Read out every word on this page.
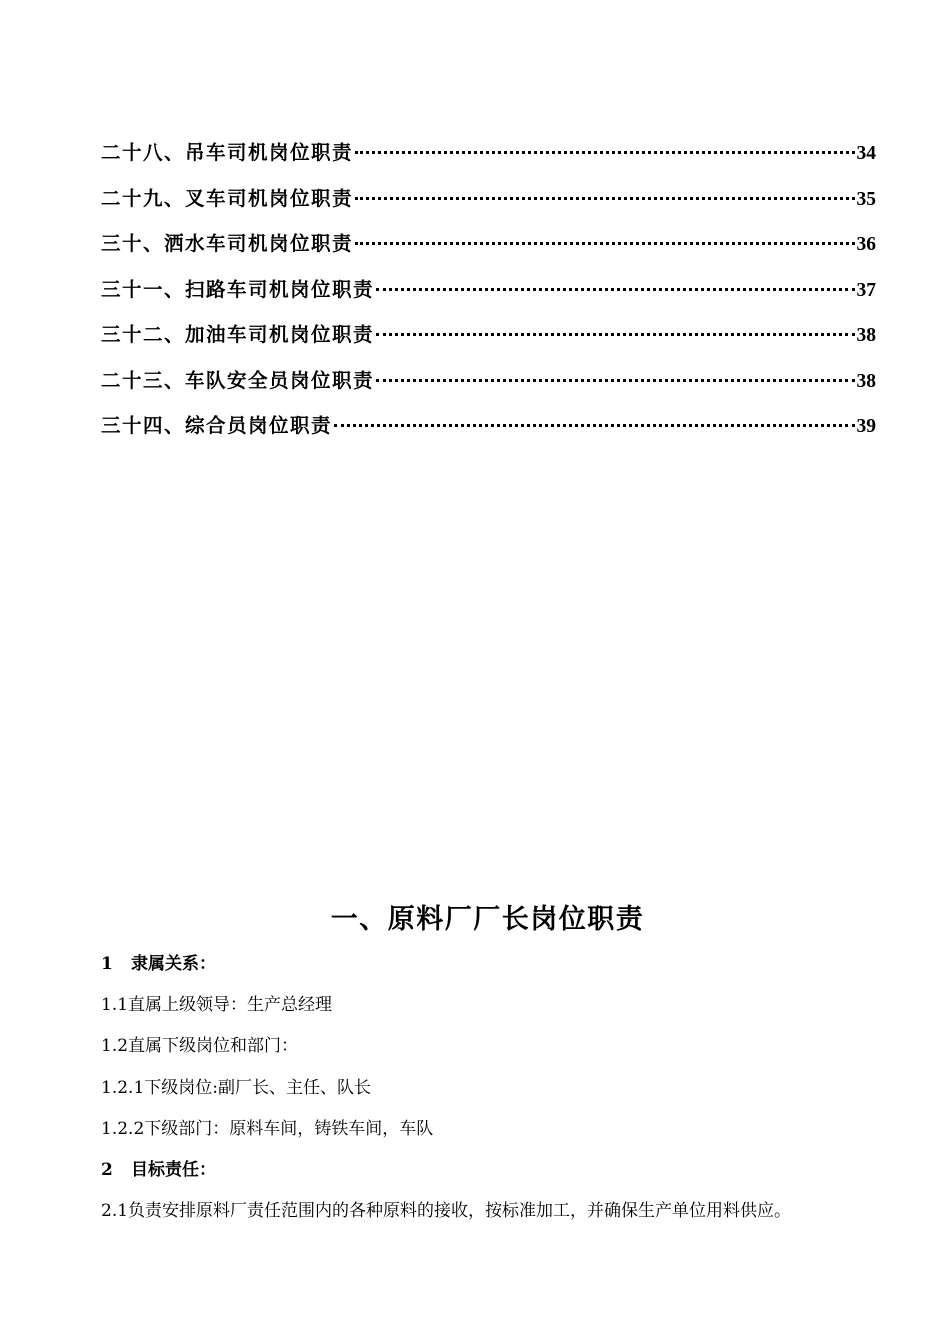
二十八、吊车司机岗位职责	34
二十九、叉车司机岗位职责	35
三十、洒水车司机岗位职责	36
三十一、扫路车司机岗位职责	37
三十二、加油车司机岗位职责	38
二十三、车队安全员岗位职责	38
三十四、综合员岗位职责	39
一、原料厂厂长岗位职责
1 隶属关系：
1.1直属上级领导：生产总经理
1.2直属下级岗位和部门：
1.2.1下级岗位:副厂长、主任、队长
1.2.2下级部门：原料车间，铸铁车间，车队
2 目标责任：
2.1负责安排原料厂责任范围内的各种原料的接收，按标准加工，并确保生产单位用料供应。
